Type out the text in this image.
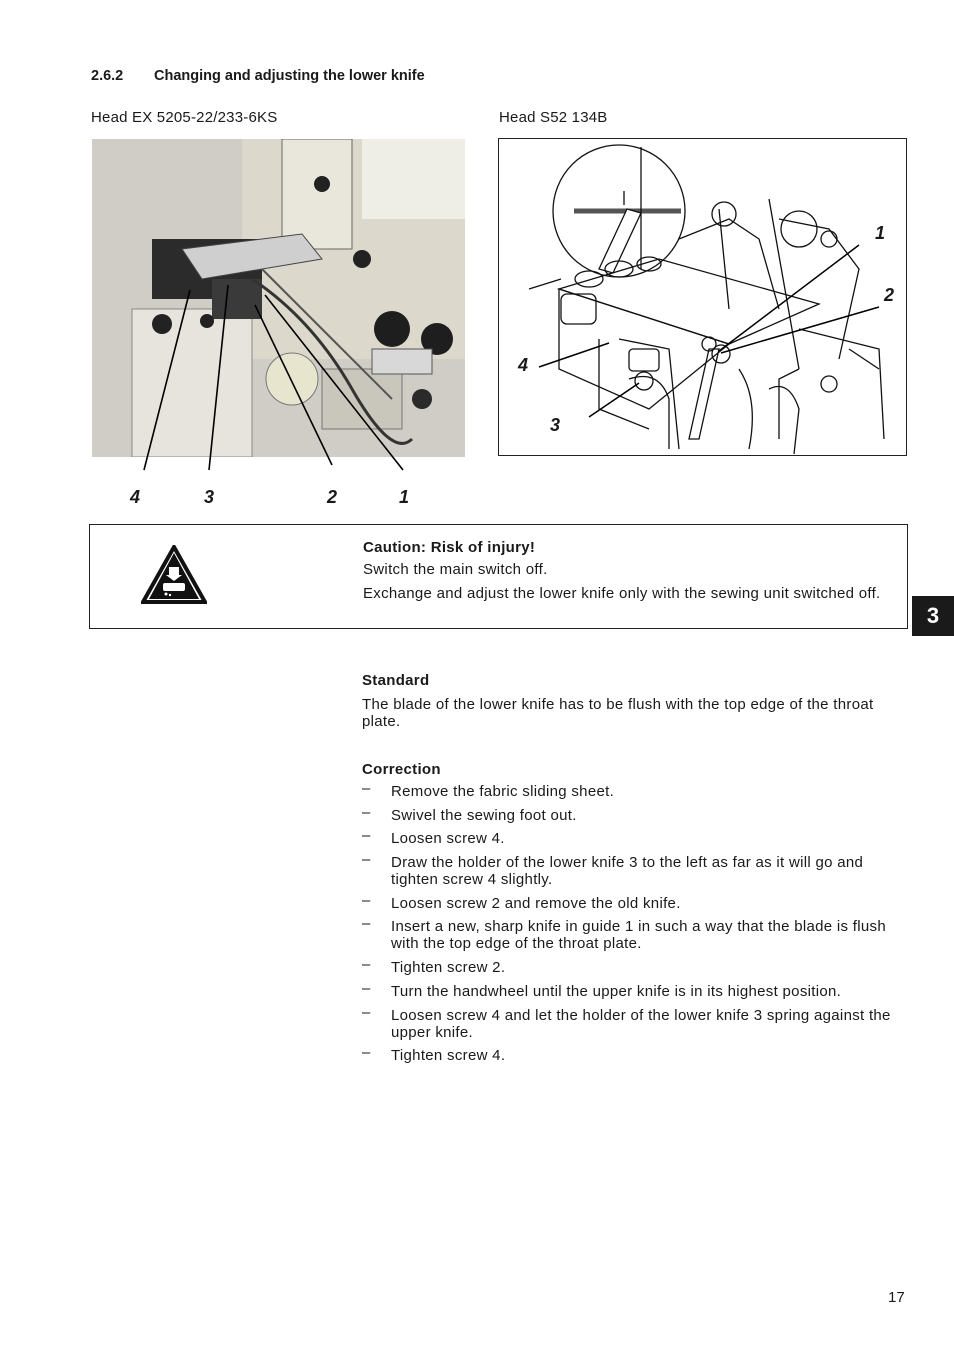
2.6.2 Changing and adjusting the lower knife
Head EX 5205-22/233-6KS	Head S52 134B
4	3	2	1
1
2
4
3
Caution: Risk of injury!
Switch the main switch off.
Exchange and adjust the lower knife only with the sewing unit switched off.
3
Standard
The blade of the lower knife has to be flush with the top edge of the throat plate.
Correction
– Remove the fabric sliding sheet.
– Swivel the sewing foot out.
– Loosen screw 4.
– Draw the holder of the lower knife 3 to the left as far as it will go and tighten screw 4 slightly.
– Loosen screw 2 and remove the old knife.
– Insert a new, sharp knife in guide 1 in such a way that the blade is flush with the top edge of the throat plate.
– Tighten screw 2.
– Turn the handwheel until the upper knife is in its highest position.
– Loosen screw 4 and let the holder of the lower knife 3 spring against the upper knife.
– Tighten screw 4.
17
